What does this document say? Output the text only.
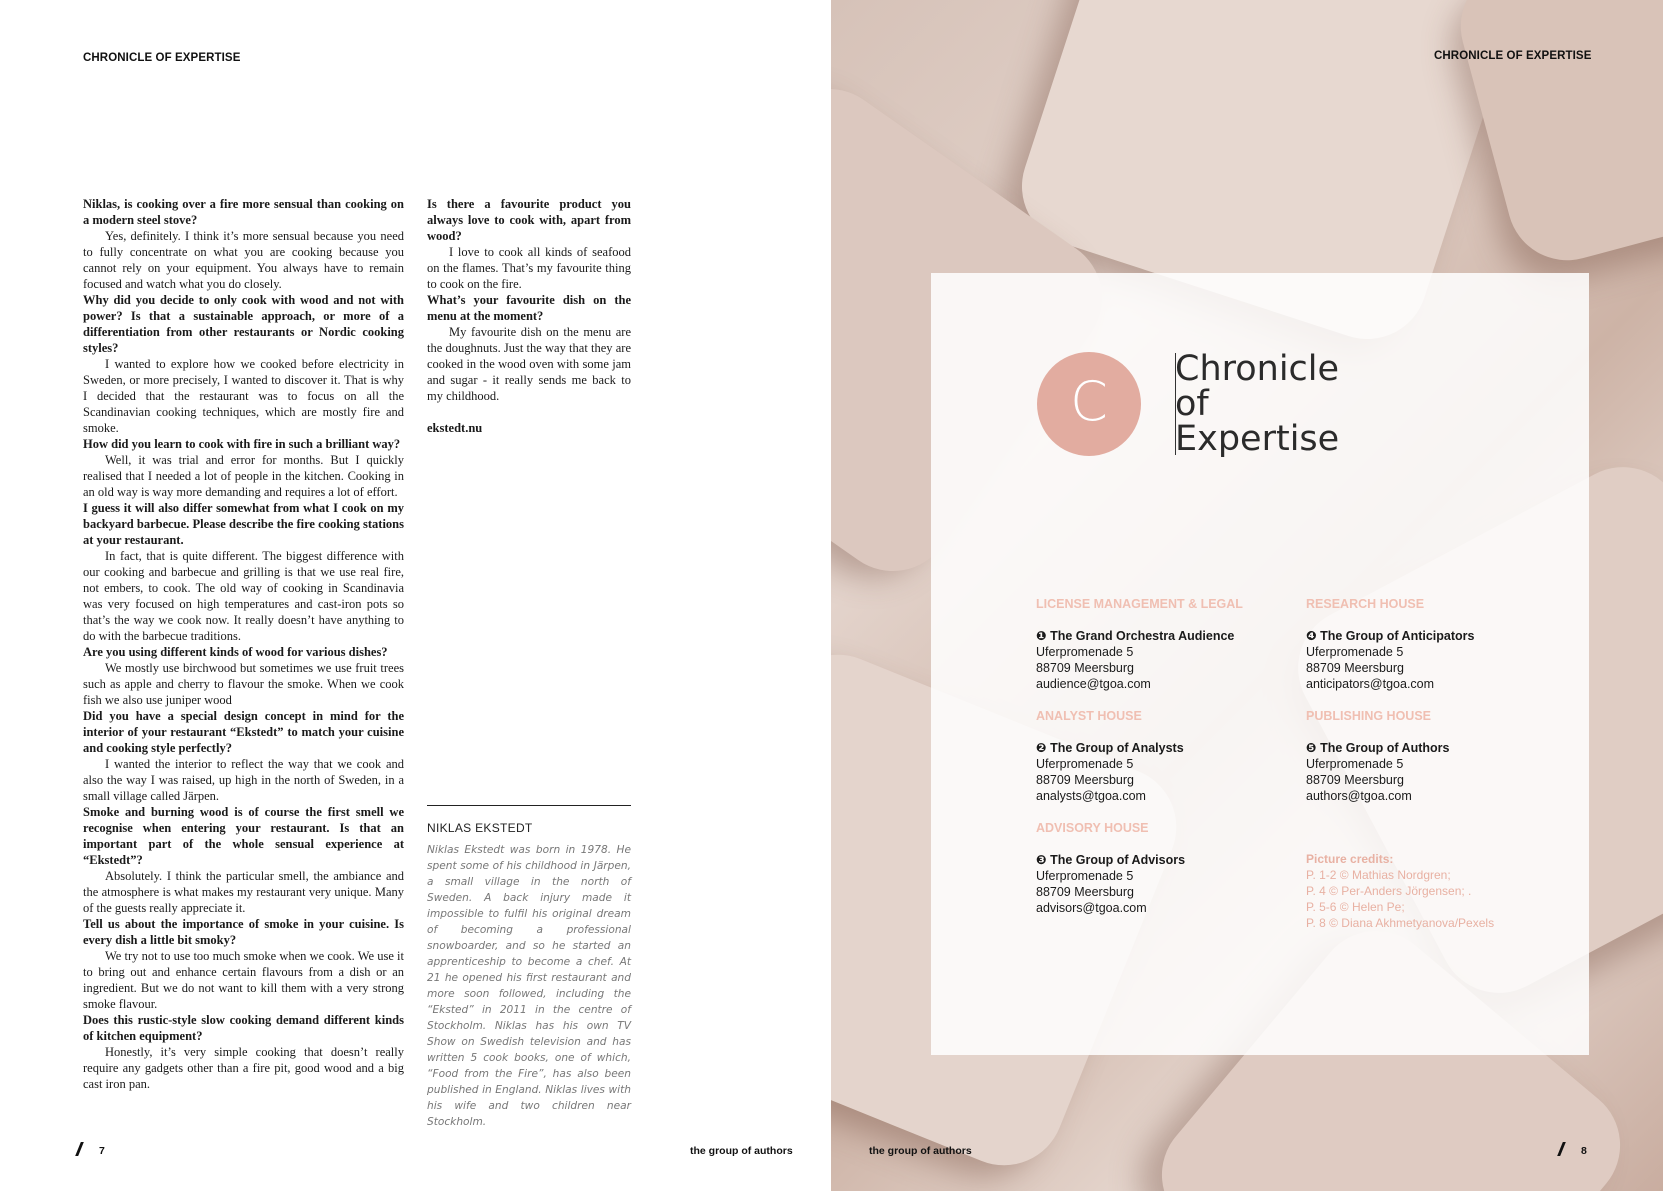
CHRONICLE OF EXPERTISE

Niklas, is cooking over a fire more sensual than cooking on a modern steel stove?

Yes, definitely. I think it’s more sensual because you need to fully concentrate on what you are cooking because you cannot rely on your equipment. You always have to remain focused and watch what you do closely.

Why did you decide to only cook with wood and not with power? Is that a sustainable approach, or more of a differentiation from other restaurants or Nordic cooking styles?

I wanted to explore how we cooked before electricity in Sweden, or more precisely, I wanted to discover it. That is why I decided that the restaurant was to focus on all the Scandinavian cooking techniques, which are mostly fire and smoke.

How did you learn to cook with fire in such a brilliant way?

Well, it was trial and error for months. But I quickly realised that I needed a lot of people in the kitchen. Cooking in an old way is way more demanding and requires a lot of effort.

I guess it will also differ somewhat from what I cook on my backyard barbecue. Please describe the fire cooking stations at your restaurant.

In fact, that is quite different. The biggest difference with our cooking and barbecue and grilling is that we use real fire, not embers, to cook. The old way of cooking in Scandinavia was very focused on high temperatures and cast-iron pots so that’s the way we cook now. It really doesn’t have anything to do with the barbecue traditions.

Are you using different kinds of wood for various dishes?

We mostly use birchwood but sometimes we use fruit trees such as apple and cherry to flavour the smoke. When we cook fish we also use juniper wood

Did you have a special design concept in mind for the interior of your restaurant “Ekstedt” to match your cuisine and cooking style perfectly?

I wanted the interior to reflect the way that we cook and also the way I was raised, up high in the north of Sweden, in a small village called Järpen.

Smoke and burning wood is of course the first smell we recognise when entering your restaurant. Is that an important part of the whole sensual experience at “Ekstedt”?

Absolutely. I think the particular smell, the ambiance and the atmosphere is what makes my restaurant very unique. Many of the guests really appreciate it.

Tell us about the importance of smoke in your cuisine. Is every dish a little bit smoky?

We try not to use too much smoke when we cook. We use it to bring out and enhance certain flavours from a dish or an ingredient. But we do not want to kill them with a very strong smoke flavour.

Does this rustic-style slow cooking demand different kinds of kitchen equipment?

Honestly, it’s very simple cooking that doesn’t really require any gadgets other than a fire pit, good wood and a big cast iron pan.

Is there a favourite product you always love to cook with, apart from wood?

I love to cook all kinds of seafood on the flames. That’s my favourite thing to cook on the fire.

What’s your favourite dish on the menu at the moment?

My favourite dish on the menu are the doughnuts. Just the way that they are cooked in the wood oven with some jam and sugar - it really sends me back to my childhood.

ekstedt.nu
NIKLAS EKSTEDT
Niklas Ekstedt was born in 1978. He spent some of his childhood in Järpen, a small village in the north of Sweden. A back injury made it impossible to fulfil his original dream of becoming a professional snowboarder, and so he started an apprenticeship to become a chef. At 21 he opened his first restaurant and more soon followed, including the “Eksted” in 2011 in the centre of Stockholm. Niklas has his own TV Show on Swedish television and has written 5 cook books, one of which, “Food from the Fire”, has also been published in England. Niklas lives with his wife and two children near Stockholm.
7	the group of authors
CHRONICLE OF EXPERTISE
C
Chronicle
of
Expertise
LICENSE MANAGEMENT & LEGAL
❶ The Grand Orchestra Audience
Uferpromenade 5
88709 Meersburg
audience@tgoa.com
ANALYST HOUSE
❷ The Group of Analysts
Uferpromenade 5
88709 Meersburg
analysts@tgoa.com
ADVISORY HOUSE
❸ The Group of Advisors
Uferpromenade 5
88709 Meersburg
advisors@tgoa.com
RESEARCH HOUSE
❹ The Group of Anticipators
Uferpromenade 5
88709 Meersburg
anticipators@tgoa.com
PUBLISHING HOUSE
❺ The Group of Authors
Uferpromenade 5
88709 Meersburg
authors@tgoa.com
Picture credits:
P. 1-2 © Mathias Nordgren;
P. 4 © Per-Anders Jörgensen; .
P. 5-6 © Helen Pe;
P. 8 © Diana Akhmetyanova/Pexels
the group of authors	8
